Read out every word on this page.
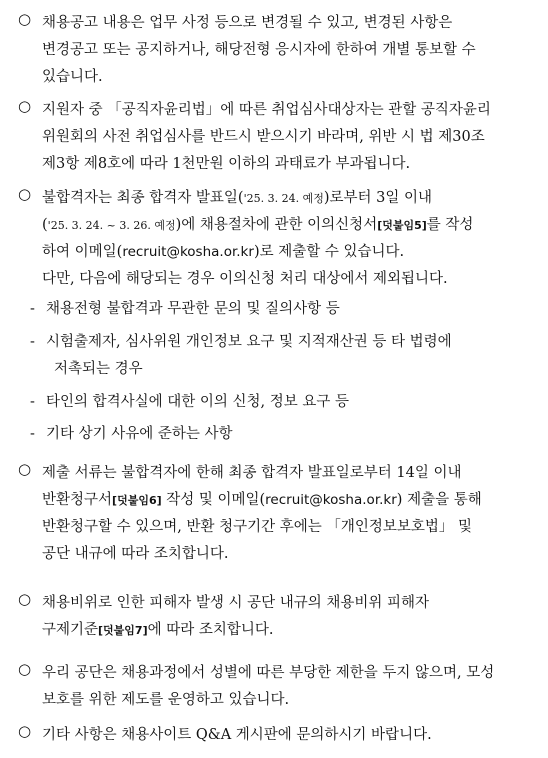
○ 채용공고 내용은 업무 사정 등으로 변경될 수 있고, 변경된 사항은
변경공고 또는 공지하거나, 해당전형 응시자에 한하여 개별 통보할 수
있습니다.
○ 지원자 중 「공직자윤리법」에 따른 취업심사대상자는 관할 공직자윤리
위원회의 사전 취업심사를 반드시 받으시기 바라며, 위반 시 법 제30조
제3항 제8호에 따라 1천만원 이하의 과태료가 부과됩니다.
○ 불합격자는 최종 합격자 발표일('25. 3. 24. 예정)로부터 3일 이내
('25. 3. 24. ~ 3. 26. 예정)에 채용절차에 관한 이의신청서[덧붙임5]를 작성
하여 이메일(recruit@kosha.or.kr)로 제출할 수 있습니다.
다만, 다음에 해당되는 경우 이의신청 처리 대상에서 제외됩니다.
- 채용전형 불합격과 무관한 문의 및 질의사항 등
- 시험출제자, 심사위원 개인정보 요구 및 지적재산권 등 타 법령에
저촉되는 경우
- 타인의 합격사실에 대한 이의 신청, 정보 요구 등
- 기타 상기 사유에 준하는 사항
○ 제출 서류는 불합격자에 한해 최종 합격자 발표일로부터 14일 이내
반환청구서[덧붙임6] 작성 및 이메일(recruit@kosha.or.kr) 제출을 통해
반환청구할 수 있으며, 반환 청구기간 후에는 「개인정보보호법」 및
공단 내규에 따라 조치합니다.
○ 채용비위로 인한 피해자 발생 시 공단 내규의 채용비위 피해자
구제기준[덧붙임7]에 따라 조치합니다.
○ 우리 공단은 채용과정에서 성별에 따른 부당한 제한을 두지 않으며, 모성
보호를 위한 제도를 운영하고 있습니다.
○ 기타 사항은 채용사이트 Q&A 게시판에 문의하시기 바랍니다.
